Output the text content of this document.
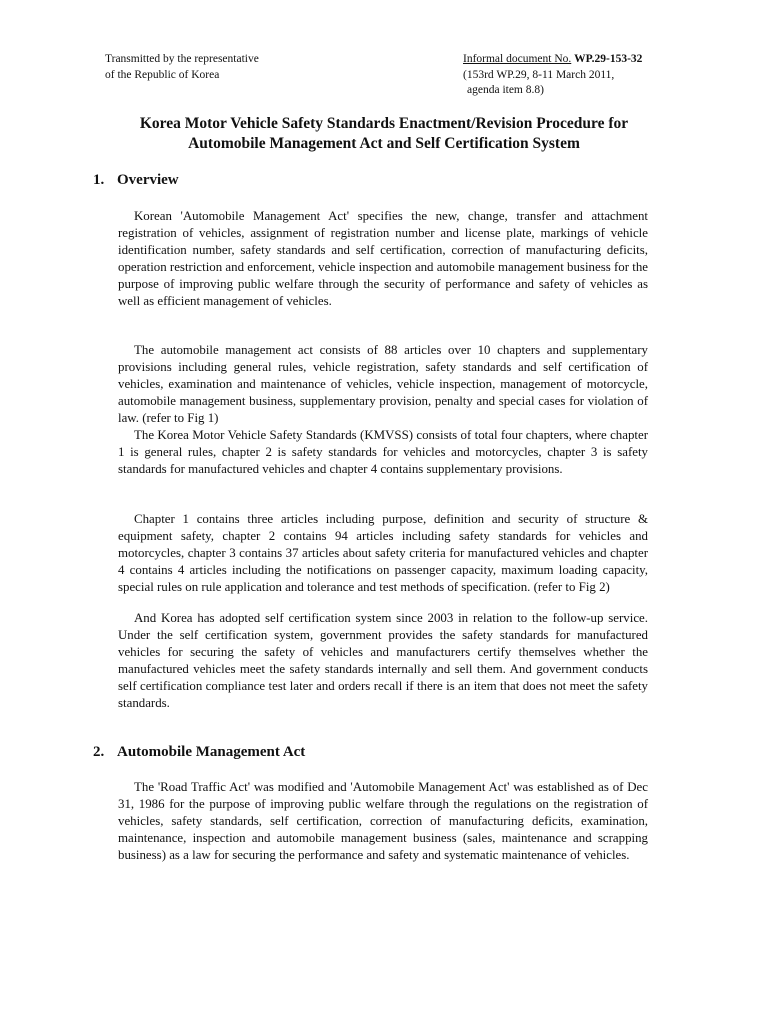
Transmitted by the representative
of the Republic of Korea
Informal document No. WP.29-153-32
(153rd WP.29, 8-11 March 2011,
agenda item 8.8)
Korea Motor Vehicle Safety Standards Enactment/Revision Procedure for
Automobile Management Act and Self Certification System
1. Overview

Korean 'Automobile Management Act' specifies the new, change, transfer and attachment registration of vehicles, assignment of registration number and license plate, markings of vehicle identification number, safety standards and self certification, correction of manufacturing deficits, operation restriction and enforcement, vehicle inspection and automobile management business for the purpose of improving public welfare through the security of performance and safety of vehicles as well as efficient management of vehicles.

The automobile management act consists of 88 articles over 10 chapters and supplementary provisions including general rules, vehicle registration, safety standards and self certification of vehicles, examination and maintenance of vehicles, vehicle inspection, management of motorcycle, automobile management business, supplementary provision, penalty and special cases for violation of law. (refer to Fig 1)

The Korea Motor Vehicle Safety Standards (KMVSS) consists of total four chapters, where chapter 1 is general rules, chapter 2 is safety standards for vehicles and motorcycles, chapter 3 is safety standards for manufactured vehicles and chapter 4 contains supplementary provisions.

Chapter 1 contains three articles including purpose, definition and security of structure & equipment safety, chapter 2 contains 94 articles including safety standards for vehicles and motorcycles, chapter 3 contains 37 articles about safety criteria for manufactured vehicles and chapter 4 contains 4 articles including the notifications on passenger capacity, maximum loading capacity, special rules on rule application and tolerance and test methods of specification. (refer to Fig 2)

And Korea has adopted self certification system since 2003 in relation to the follow-up service. Under the self certification system, government provides the safety standards for manufactured vehicles for securing the safety of vehicles and manufacturers certify themselves whether the manufactured vehicles meet the safety standards internally and sell them. And government conducts self certification compliance test later and orders recall if there is an item that does not meet the safety standards.

2. Automobile Management Act

The 'Road Traffic Act' was modified and 'Automobile Management Act' was established as of Dec 31, 1986 for the purpose of improving public welfare through the regulations on the registration of vehicles, safety standards, self certification, correction of manufacturing deficits, examination, maintenance, inspection and automobile management business (sales, maintenance and scrapping business) as a law for securing the performance and safety and systematic maintenance of vehicles.
